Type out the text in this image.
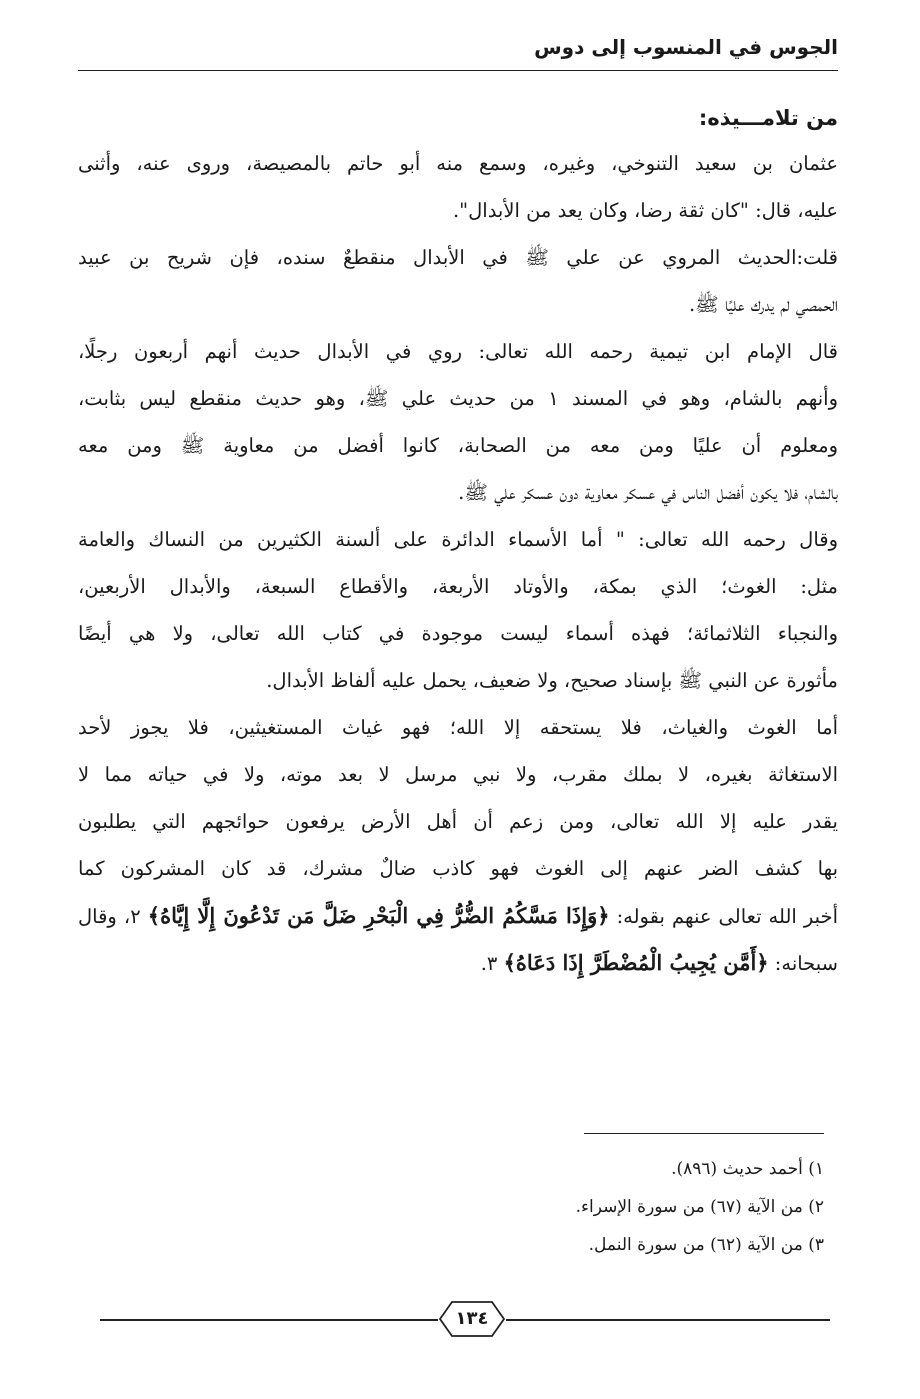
الجوس في المنسوب إلى دوس
من تلامـــيذه:
عثمان بن سعيد التنوخي، وغيره، وسمع منه أبو حاتم بالمصيصة، وروى عنه، وأثنى
عليه، قال: "كان ثقة رضا، وكان يعد من الأبدال".
قلت:الحديث المروي عن علي ﷺ في الأبدال منقطعٌ سنده، فإن شريح بن عبيد
الحمصي لم يدرك عليًا ﷺ.
قال الإمام ابن تيمية رحمه الله تعالى: روي في الأبدال حديث أنهم أربعون رجلًا،
وأنهم بالشام، وهو في المسند ١ من حديث علي ﷺ، وهو حديث منقطع ليس بثابت،
ومعلوم أن عليًا ومن معه من الصحابة، كانوا أفضل من معاوية ﷺ ومن معه
بالشام، فلا يكون أفضل الناس في عسكر معاوية دون عسكر علي ﷺ.
وقال رحمه الله تعالى: " أما الأسماء الدائرة على ألسنة الكثيرين من النساك والعامة
مثل: الغوث؛ الذي بمكة، والأوتاد الأربعة، والأقطاع السبعة، والأبدال الأربعين،
والنجباء الثلاثمائة؛ فهذه أسماء ليست موجودة في كتاب الله تعالى، ولا هي أيضًا
مأثورة عن النبي ﷺ بإسناد صحيح، ولا ضعيف، يحمل عليه ألفاظ الأبدال.
أما الغوث والغياث، فلا يستحقه إلا الله؛ فهو غياث المستغيثين، فلا يجوز لأحد
الاستغاثة بغيره، لا بملك مقرب، ولا نبي مرسل لا بعد موته، ولا في حياته مما لا
يقدر عليه إلا الله تعالى، ومن زعم أن أهل الأرض يرفعون حوائجهم التي يطلبون
بها كشف الضر عنهم إلى الغوث فهو كاذب ضالٌ مشرك، قد كان المشركون كما
أخبر الله تعالى عنهم بقوله: ﴿وَإِذَا مَسَّكُمُ الضُّرُّ فِي الْبَحْرِ ضَلَّ مَن تَدْعُونَ إِلَّا إِيَّاهُ﴾ ٢، وقال
سبحانه: ﴿أَمَّن يُجِيبُ الْمُضْطَرَّ إِذَا دَعَاهُ﴾ ٣.
١) أحمد حديث (٨٩٦).
٢) من الآية (٦٧) من سورة الإسراء.
٣) من الآية (٦٢) من سورة النمل.
١٣٤
